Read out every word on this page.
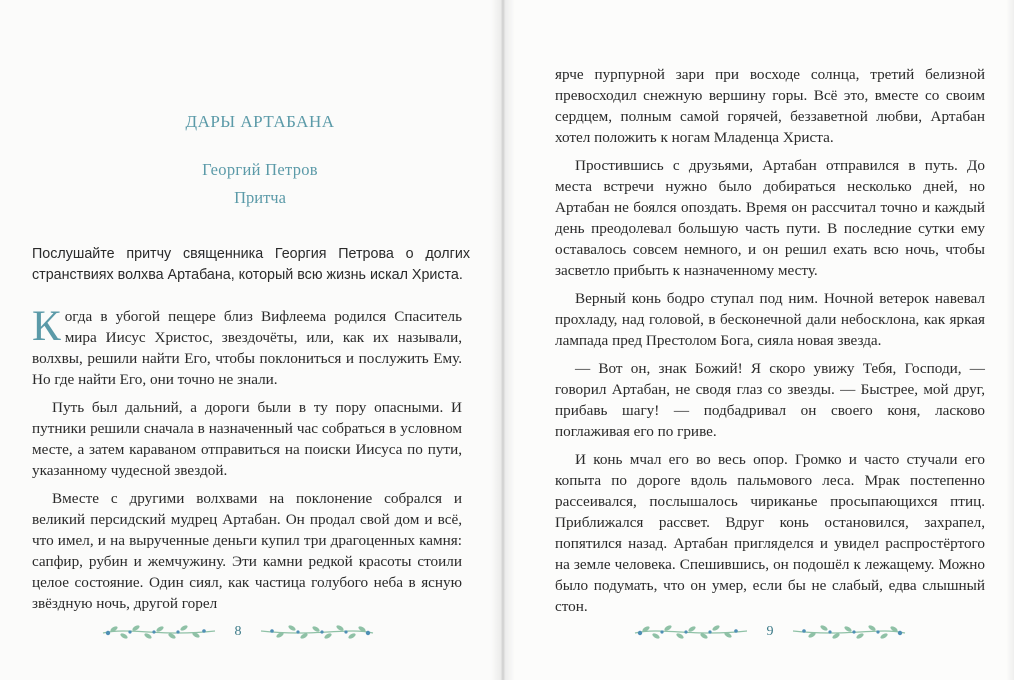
ДАРЫ АРТАБАНА
Георгий Петров
Притча
Послушайте притчу священника Георгия Петрова о долгих странствиях волхва Артабана, который всю жизнь искал Христа.

Когда в убогой пещере близ Вифлеема родился Спаситель мира Иисус Христос, звездочёты, или, как их называли, волхвы, решили найти Его, чтобы поклониться и послужить Ему. Но где найти Его, они точно не знали.

Путь был дальний, а дороги были в ту пору опасными. И путники решили сначала в назначенный час собраться в условном месте, а затем караваном отправиться на поиски Иисуса по пути, указанному чудесной звездой.

Вместе с другими волхвами на поклонение собрался и великий персидский мудрец Артабан. Он продал свой дом и всё, что имел, и на вырученные деньги купил три драгоценных камня: сапфир, рубин и жемчужину. Эти камни редкой красоты стоили целое состояние. Один сиял, как частица голубого неба в ясную звёздную ночь, другой горел

8	9

ярче пурпурной зари при восходе солнца, третий белизной превосходил снежную вершину горы. Всё это, вместе со своим сердцем, полным самой горячей, беззаветной любви, Артабан хотел положить к ногам Младенца Христа.

Простившись с друзьями, Артабан отправился в путь. До места встречи нужно было добираться несколько дней, но Артабан не боялся опоздать. Время он рассчитал точно и каждый день преодолевал большую часть пути. В последние сутки ему оставалось совсем немного, и он решил ехать всю ночь, чтобы засветло прибыть к назначенному месту.

Верный конь бодро ступал под ним. Ночной ветерок навевал прохладу, над головой, в бесконечной дали небосклона, как яркая лампада пред Престолом Бога, сияла новая звезда.

— Вот он, знак Божий! Я скоро увижу Тебя, Господи, — говорил Артабан, не сводя глаз со звезды. — Быстрее, мой друг, прибавь шагу! — подбадривал он своего коня, ласково поглаживая его по гриве.

И конь мчал его во весь опор. Громко и часто стучали его копыта по дороге вдоль пальмового леса. Мрак постепенно рассеивался, послышалось чириканье просыпающихся птиц. Приближался рассвет. Вдруг конь остановился, захрапел, попятился назад. Артабан пригляделся и увидел распростёртого на земле человека. Спешившись, он подошёл к лежащему. Можно было подумать, что он умер, если бы не слабый, едва слышный стон.
